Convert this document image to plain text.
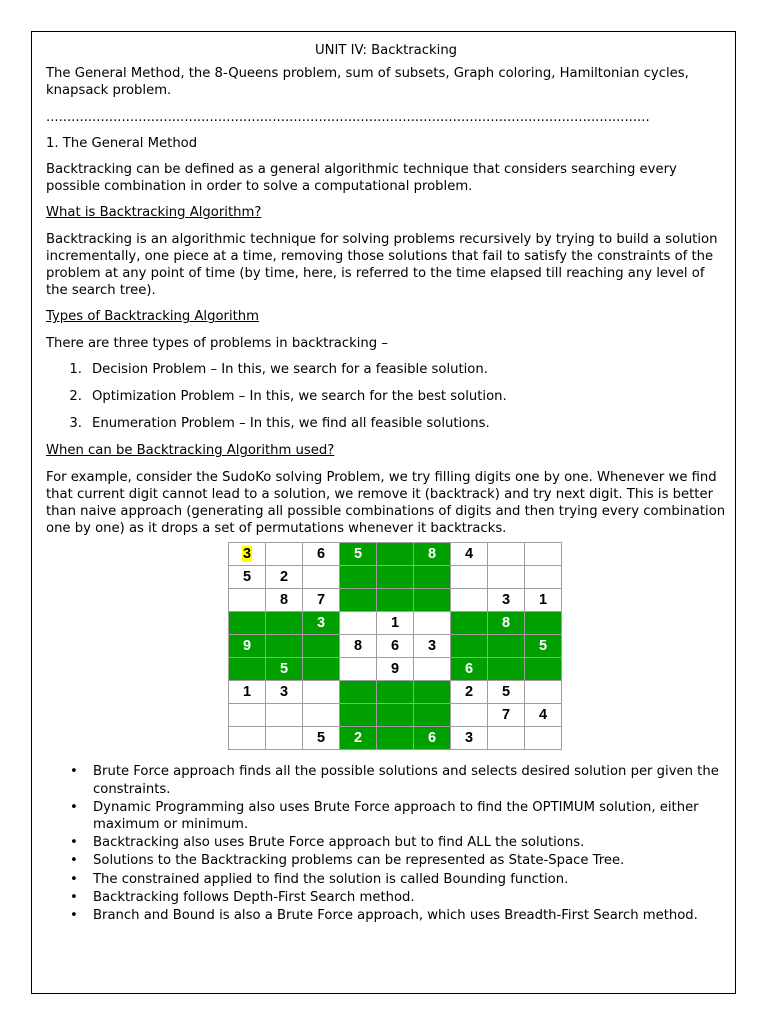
UNIT IV: Backtracking

The General Method, the 8-Queens problem, sum of subsets, Graph coloring, Hamiltonian cycles, knapsack problem.

................................................................................................................................................

1. The General Method

Backtracking can be defined as a general algorithmic technique that considers searching every possible combination in order to solve a computational problem.

What is Backtracking Algorithm?

Backtracking is an algorithmic technique for solving problems recursively by trying to build a solution incrementally, one piece at a time, removing those solutions that fail to satisfy the constraints of the problem at any point of time (by time, here, is referred to the time elapsed till reaching any level of the search tree).

Types of Backtracking Algorithm

There are three types of problems in backtracking –

1. Decision Problem – In this, we search for a feasible solution.
2. Optimization Problem – In this, we search for the best solution.
3. Enumeration Problem – In this, we find all feasible solutions.
When can be Backtracking Algorithm used?

For example, consider the SudoKo solving Problem, we try filling digits one by one. Whenever we find that current digit cannot lead to a solution, we remove it (backtrack) and try next digit. This is better than naive approach (generating all possible combinations of digits and then trying every combination one by one) as it drops a set of permutations whenever it backtracks.

3		6	5		8	4		
5	2							
	8	7					3	1
		3		1			8	
9			8	6	3			5
	5			9		6		
1	3					2	5	
							7	4
		5	2		6	3		
•	Brute Force approach finds all the possible solutions and selects desired solution per given the constraints.
•	Dynamic Programming also uses Brute Force approach to find the OPTIMUM solution, either maximum or minimum.
•	Backtracking also uses Brute Force approach but to find ALL the solutions.
•	Solutions to the Backtracking problems can be represented as State-Space Tree.
•	The constrained applied to find the solution is called Bounding function.
•	Backtracking follows Depth-First Search method.
•	Branch and Bound is also a Brute Force approach, which uses Breadth-First Search method.
